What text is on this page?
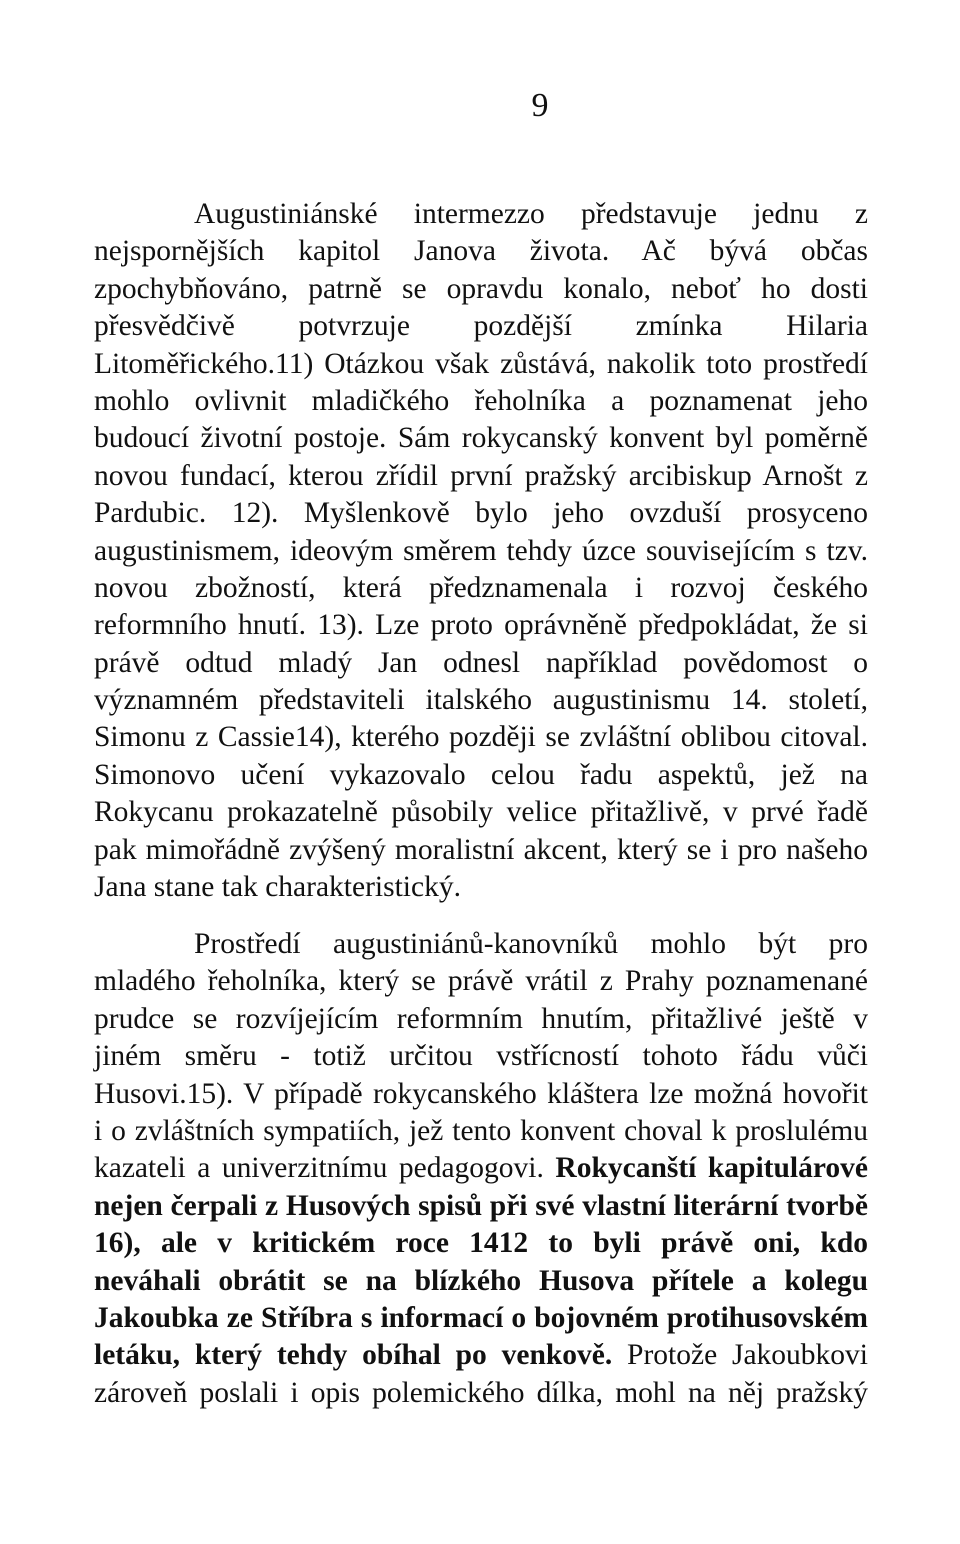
9
Augustiniánské intermezzo představuje jednu z
nejspornějších kapitol Janova života. Ač bývá občas
zpochybňováno, patrně se opravdu konalo, neboť ho dosti
přesvědčivě potvrzuje pozdější zmínka Hilaria
Litoměřického.11) Otázkou však zůstává, nakolik toto prostředí
mohlo ovlivnit mladičkého řeholníka a poznamenat jeho
budoucí životní postoje. Sám rokycanský konvent byl poměrně
novou fundací, kterou zřídil první pražský arcibiskup Arnošt z
Pardubic. 12). Myšlenkově bylo jeho ovzduší prosyceno
augustinismem, ideovým směrem tehdy úzce souvisejícím s tzv.
novou zbožností, která předznamenala i rozvoj českého
reformního hnutí. 13). Lze proto oprávněně předpokládat, že si
právě odtud mladý Jan odnesl například povědomost o
významném představiteli italského augustinismu 14. století,
Simonu z Cassie14), kterého později se zvláštní oblibou citoval.
Simonovo učení vykazovalo celou řadu aspektů, jež na
Rokycanu prokazatelně působily velice přitažlivě, v prvé řadě
pak mimořádně zvýšený moralistní akcent, který se i pro našeho
Jana stane tak charakteristický.
Prostředí augustiniánů-kanovníků mohlo být pro
mladého řeholníka, který se právě vrátil z Prahy poznamenané
prudce se rozvíjejícím reformním hnutím, přitažlivé ještě v
jiném směru - totiž určitou vstřícností tohoto řádu vůči
Husovi.15). V případě rokycanského kláštera lze možná hovořit
i o zvláštních sympatiích, jež tento konvent choval k proslulému
kazateli a univerzitnímu pedagogovi. Rokycanští kapitulárové
nejen čerpali z Husových spisů při své vlastní literární tvorbě
16), ale v kritickém roce 1412 to byli právě oni, kdo
neváhali obrátit se na blízkého Husova přítele a kolegu
Jakoubka ze Stříbra s informací o bojovném protihusovském
letáku, který tehdy obíhal po venkově. Protože Jakoubkovi
zároveň poslali i opis polemického dílka, mohl na něj pražský
